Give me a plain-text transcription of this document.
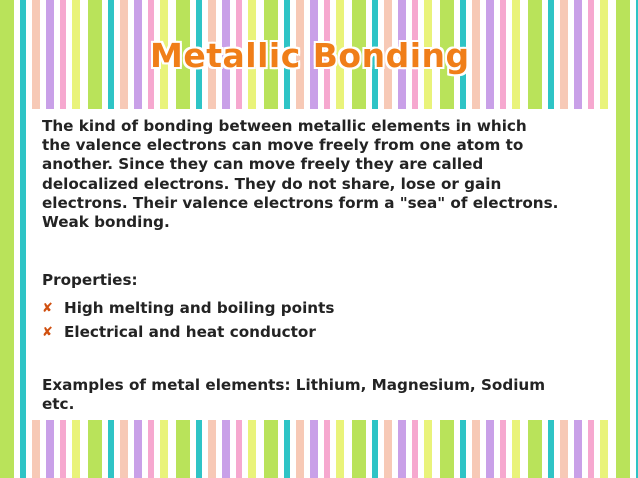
Metallic Bonding
The kind of bonding between metallic elements in which
the valence electrons can move freely from one atom to
another. Since they can move freely they are called
delocalized electrons. They do not share, lose or gain
electrons. Their valence electrons form a "sea" of electrons.
Weak bonding.
Properties:
✘ High melting and boiling points
✘ Electrical and heat conductor
Examples of metal elements: Lithium, Magnesium, Sodium
etc.
